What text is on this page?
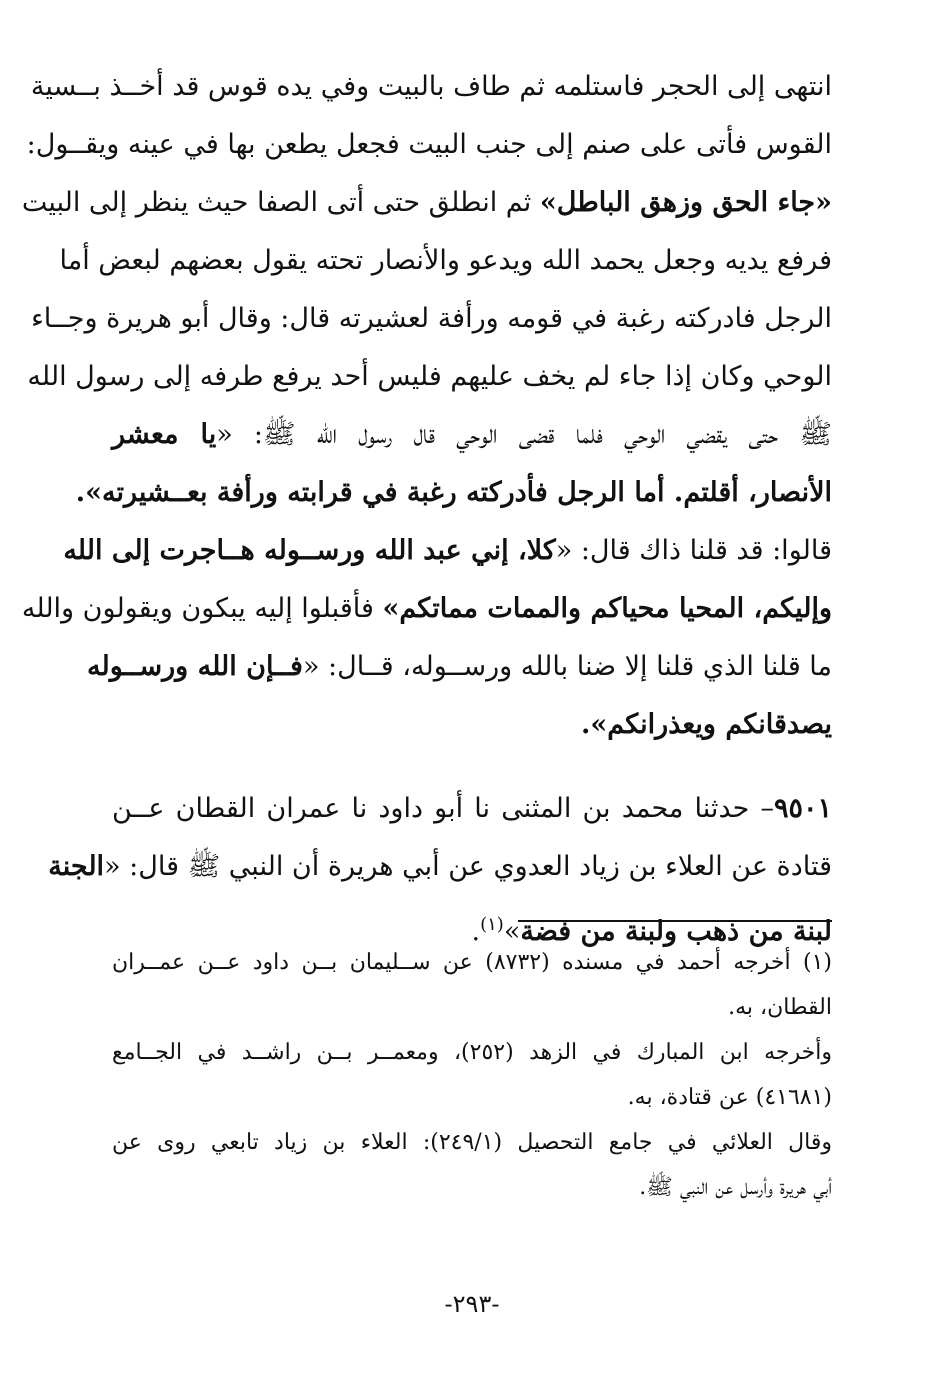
انتهى إلى الحجر فاستلمه ثم طاف بالبيت وفي يده قوس قد أخــذ بــسية
القوس فأتى على صنم إلى جنب البيت فجعل يطعن بها في عينه ويقــول:
«جاء الحق وزهق الباطل» ثم انطلق حتى أتى الصفا حيث ينظر إلى البيت
فرفع يديه وجعل يحمد الله ويدعو والأنصار تحته يقول بعضهم لبعض أما
الرجل فادركته رغبة في قومه ورأفة لعشيرته قال: وقال أبو هريرة وجــاء
الوحي وكان إذا جاء لم يخف عليهم فليس أحد يرفع طرفه إلى رسول الله
ﷺ حتى يقضي الوحي فلما قضى الوحي قال رسول الله ﷺ: «يا معشر
الأنصار، أقلتم. أما الرجل فأدركته رغبة في قرابته ورأفة بعــشيرته».
قالوا: قد قلنا ذاك قال: «كلا، إني عبد الله ورســوله هــاجرت إلى الله
وإليكم، المحيا محياكم والممات مماتكم» فأقبلوا إليه يبكون ويقولون والله
ما قلنا الذي قلنا إلا ضنا بالله ورســوله، قــال: «فــإن الله ورســوله
يصدقانكم ويعذرانكم».
٩٥٠١– حدثنا محمد بن المثنى نا أبو داود نا عمران القطان عــن
قتادة عن العلاء بن زياد العدوي عن أبي هريرة أن النبي ﷺ قال: «الجنة
لبنة من ذهب ولبنة من فضة»$^{(١)}$.
(١) أخرجه أحمد في مسنده (٨٧٣٢) عن ســليمان بــن داود عــن عمــران
القطان، به.
وأخرجه ابن المبارك في الزهد (٢٥٢)، ومعمــر بــن راشــد في الجــامع
(٤١٦٨١) عن قتادة، به.
وقال العلائي في جامع التحصيل (٢٤٩/١): العلاء بن زياد تابعي روى عن
أبي هريرة وأرسل عن النبي ﷺ.
-٢٩٣-
